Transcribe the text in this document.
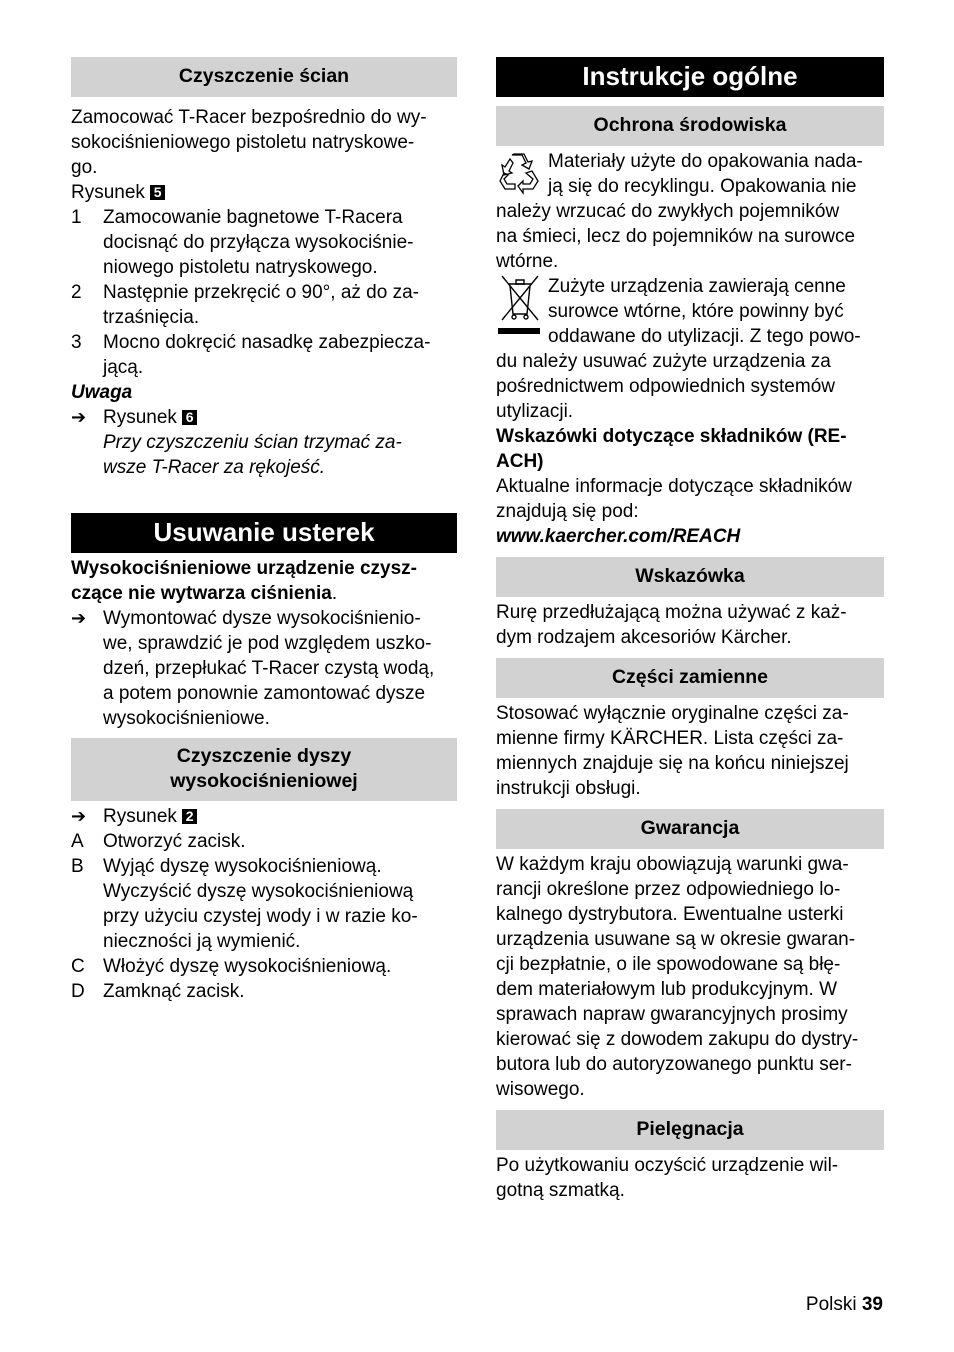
Czyszczenie ścian

Zamocować T-Racer bezpośrednio do wy-

sokociśnieniowego pistoletu natryskowe-

go.

Rysunek 5

1	Zamocowanie bagnetowe T-Racera
docisnąć do przyłącza wysokociśnie-
niowego pistoletu natryskowego.
2	Następnie przekręcić o 90°, aż do za-
trzaśnięcia.
3	Mocno dokręcić nasadkę zabezpiecza-
jącą.

Uwaga

➔ Rysunek 6
Przy czyszczeniu ścian trzymać za-
wsze T-Racer za rękojeść.
Usuwanie usterek

Wysokociśnieniowe urządzenie czysz-

czące nie wytwarza ciśnienia.

➔ Wymontować dysze wysokociśnienio-
we, sprawdzić je pod względem uszko-
dzeń, przepłukać T-Racer czystą wodą,
a potem ponownie zamontować dysze
wysokociśnieniowe.
Czyszczenie dyszy
wysokociśnieniowej
➔ Rysunek 2
A	Otworzyć zacisk.
B	Wyjąć dyszę wysokociśnieniową.
Wyczyścić dyszę wysokociśnieniową
przy użyciu czystej wody i w razie ko-
nieczności ją wymienić.
C Włożyć dyszę wysokociśnieniową.
D Zamknąć zacisk.
Instrukcje ogólne
Ochrona środowiska

Materiały użyte do opakowania nada-

ją się do recyklingu. Opakowania nie

należy wrzucać do zwykłych pojemników

na śmieci, lecz do pojemników na surowce

wtórne.

Zużyte urządzenia zawierają cenne

surowce wtórne, które powinny być

oddawane do utylizacji. Z tego powo-

du należy usuwać zużyte urządzenia za

pośrednictwem odpowiednich systemów

utylizacji.

Wskazówki dotyczące składników (RE-

ACH)

Aktualne informacje dotyczące składników

znajdują się pod:

www.kaercher.com/REACH

Wskazówka

Rurę przedłużającą można używać z każ-

dym rodzajem akcesoriów Kärcher.

Części zamienne

Stosować wyłącznie oryginalne części za-

mienne firmy KÄRCHER. Lista części za-

miennych znajduje się na końcu niniejszej

instrukcji obsługi.

Gwarancja

W każdym kraju obowiązują warunki gwa-

rancji określone przez odpowiedniego lo-

kalnego dystrybutora. Ewentualne usterki

urządzenia usuwane są w okresie gwaran-

cji bezpłatnie, o ile spowodowane są błę-

dem materiałowym lub produkcyjnym. W

sprawach napraw gwarancyjnych prosimy

kierować się z dowodem zakupu do dystry-

butora lub do autoryzowanego punktu ser-

wisowego.

Pielęgnacja

Po użytkowaniu oczyścić urządzenie wil-

gotną szmatką.

Polski 39
